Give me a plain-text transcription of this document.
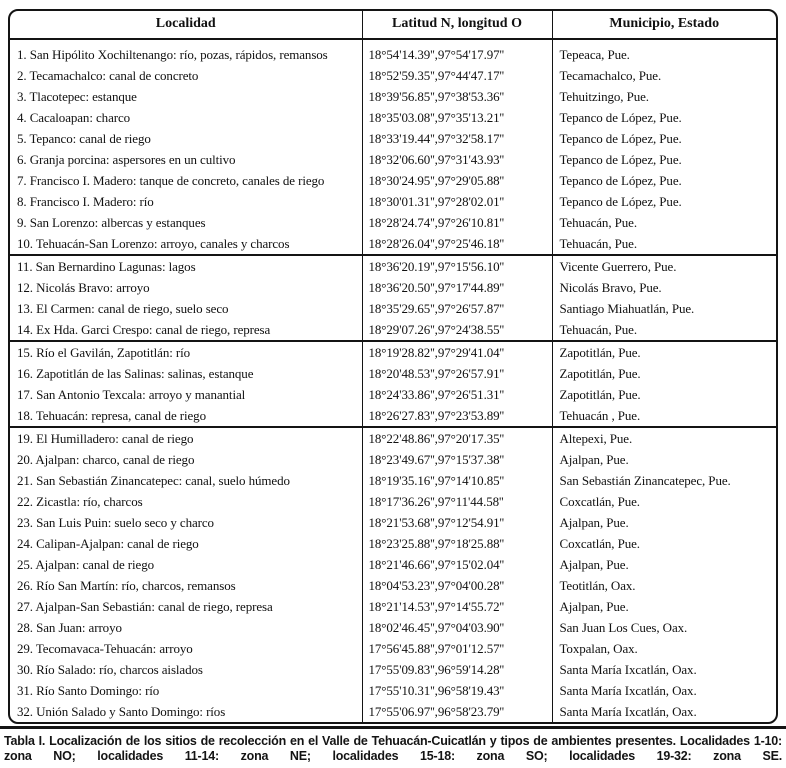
Localidad	Latitud N, longitud O	Municipio, Estado
1. San Hipólito Xochiltenango: río, pozas, rápidos, remansos	18°54'14.39'',97°54'17.97''	Tepeaca, Pue.
2. Tecamachalco: canal de concreto	18°52'59.35'',97°44'47.17''	Tecamachalco, Pue.
3. Tlacotepec: estanque	18°39'56.85'',97°38'53.36''	Tehuitzingo, Pue.
4. Cacaloapan: charco	18°35'03.08'',97°35'13.21''	Tepanco de López, Pue.
5. Tepanco: canal de riego	18°33'19.44'',97°32'58.17''	Tepanco de López, Pue.
6. Granja porcina: aspersores en un cultivo	18°32'06.60'',97°31'43.93''	Tepanco de López, Pue.
7. Francisco I. Madero: tanque de concreto, canales de riego	18°30'24.95'',97°29'05.88''	Tepanco de López, Pue.
8. Francisco I. Madero: río	18°30'01.31'',97°28'02.01''	Tepanco de López, Pue.
9. San Lorenzo: albercas y estanques	18°28'24.74'',97°26'10.81''	Tehuacán, Pue.
10. Tehuacán-San Lorenzo: arroyo, canales y charcos	18°28'26.04'',97°25'46.18''	Tehuacán, Pue.
11. San Bernardino Lagunas: lagos	18°36'20.19'',97°15'56.10''	Vicente Guerrero, Pue.
12. Nicolás Bravo: arroyo	18°36'20.50'',97°17'44.89''	Nicolás Bravo, Pue.
13. El Carmen: canal de riego, suelo seco	18°35'29.65'',97°26'57.87''	Santiago Miahuatlán, Pue.
14. Ex Hda. Garci Crespo: canal de riego, represa	18°29'07.26'',97°24'38.55''	Tehuacán, Pue.
15. Río el Gavilán, Zapotitlán: río	18°19'28.82'',97°29'41.04''	Zapotitlán, Pue.
16. Zapotitlán de las Salinas: salinas, estanque	18°20'48.53'',97°26'57.91''	Zapotitlán, Pue.
17. San Antonio Texcala: arroyo y manantial	18°24'33.86'',97°26'51.31''	Zapotitlán, Pue.
18. Tehuacán: represa, canal de riego	18°26'27.83'',97°23'53.89''	Tehuacán , Pue.
19. El Humilladero: canal de riego	18°22'48.86'',97°20'17.35''	Altepexi, Pue.
20. Ajalpan: charco, canal de riego	18°23'49.67'',97°15'37.38''	Ajalpan, Pue.
21. San Sebastián Zinancatepec: canal, suelo húmedo	18°19'35.16'',97°14'10.85''	San Sebastián Zinancatepec, Pue.
22. Zicastla: río, charcos	18°17'36.26'',97°11'44.58''	Coxcatlán, Pue.
23. San Luis Puin: suelo seco y charco	18°21'53.68'',97°12'54.91''	Ajalpan, Pue.
24. Calipan-Ajalpan: canal de riego	18°23'25.88'',97°18'25.88''	Coxcatlán, Pue.
25. Ajalpan: canal de riego	18°21'46.66'',97°15'02.04''	Ajalpan, Pue.
26. Río San Martín: río, charcos, remansos	18°04'53.23'',97°04'00.28''	Teotitlán, Oax.
27. Ajalpan-San Sebastián: canal de riego, represa	18°21'14.53'',97°14'55.72''	Ajalpan, Pue.
28. San Juan: arroyo	18°02'46.45'',97°04'03.90''	San Juan Los Cues, Oax.
29. Tecomavaca-Tehuacán: arroyo	17°56'45.88'',97°01'12.57''	Toxpalan, Oax.
30. Río Salado: río, charcos aislados	17°55'09.83'',96°59'14.28''	Santa María Ixcatlán, Oax.
31. Río Santo Domingo: río	17°55'10.31'',96°58'19.43''	Santa María Ixcatlán, Oax.
32. Unión Salado y Santo Domingo: ríos	17°55'06.97'',96°58'23.79''	Santa María Ixcatlán, Oax.

Tabla I. Localización de los sitios de recolección en el Valle de Tehuacán-Cuicatlán y tipos de ambientes presentes. Localidades 1-10: zona NO; localidades 11-14: zona NE; localidades 15-18: zona SO; localidades 19-32: zona SE.
